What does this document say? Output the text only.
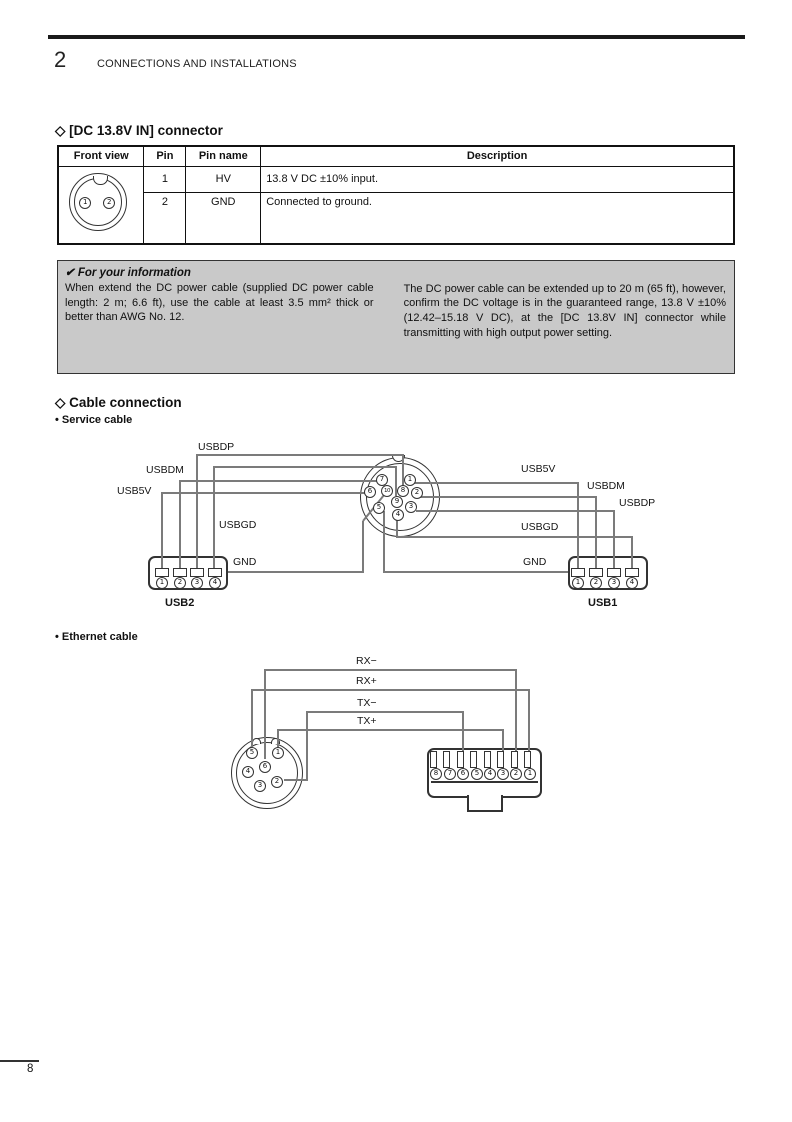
2	CONNECTIONS AND INSTALLATIONS
◇ [DC 13.8V IN] connector
Front view	Pin	Pin name	Description

1 2	1	HV	13.8 V DC ±10% input.
	2	GND	Connected to ground.
✔ For your information
When extend the DC power cable (supplied DC power cable length: 2 m; 6.6 ft), use the cable at least 3.5 mm² thick or better than AWG No. 12.
The DC power cable can be extended up to 20 m (65 ft), however, confirm the DC voltage is in the guaranteed range, 13.8 V ±10% (12.42–15.18 V DC), at the [DC 13.8V IN] connector while transmitting with high output power setting.
◇ Cable connection
• Service cable
1	2	3	4	1	2	3	4
1
2
3
4
5
6
7
8
9
10
USBDP
USBDM
USB5V
USBGD
GND
USB5V
USBDM
USBDP
USBGD
GND
USB2	USB1
• Ethernet cable
1
2
3
4
5
6
8	7	6	5	4	3	2	1
RX−
RX+
TX−
TX+
8
